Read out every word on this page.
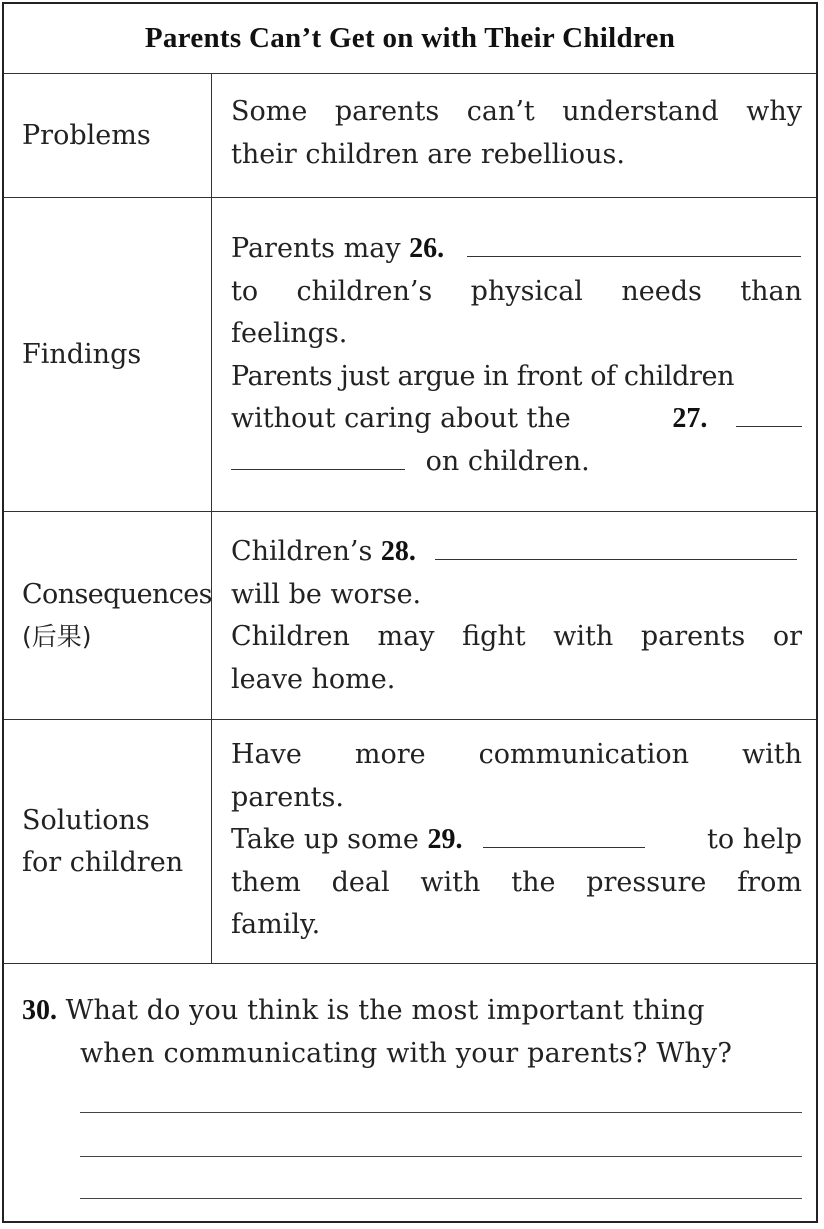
Parents Can’t Get on with Their Children
Problems
Some parents can’t understand why
their children are rebellious.
Findings
Parents may 26.
to children’s physical needs than
feelings.
Parents just argue in front of children
without caring about the	27.
on children.
Consequences
(后果)
Children’s 28.
will be worse.
Children may fight with parents or
leave home.
Solutions
for children
Have more communication with
parents.
Take up some 29.	to help
them deal with the pressure from
family.
30. What do you think is the most important thing
when communicating with your parents? Why?
